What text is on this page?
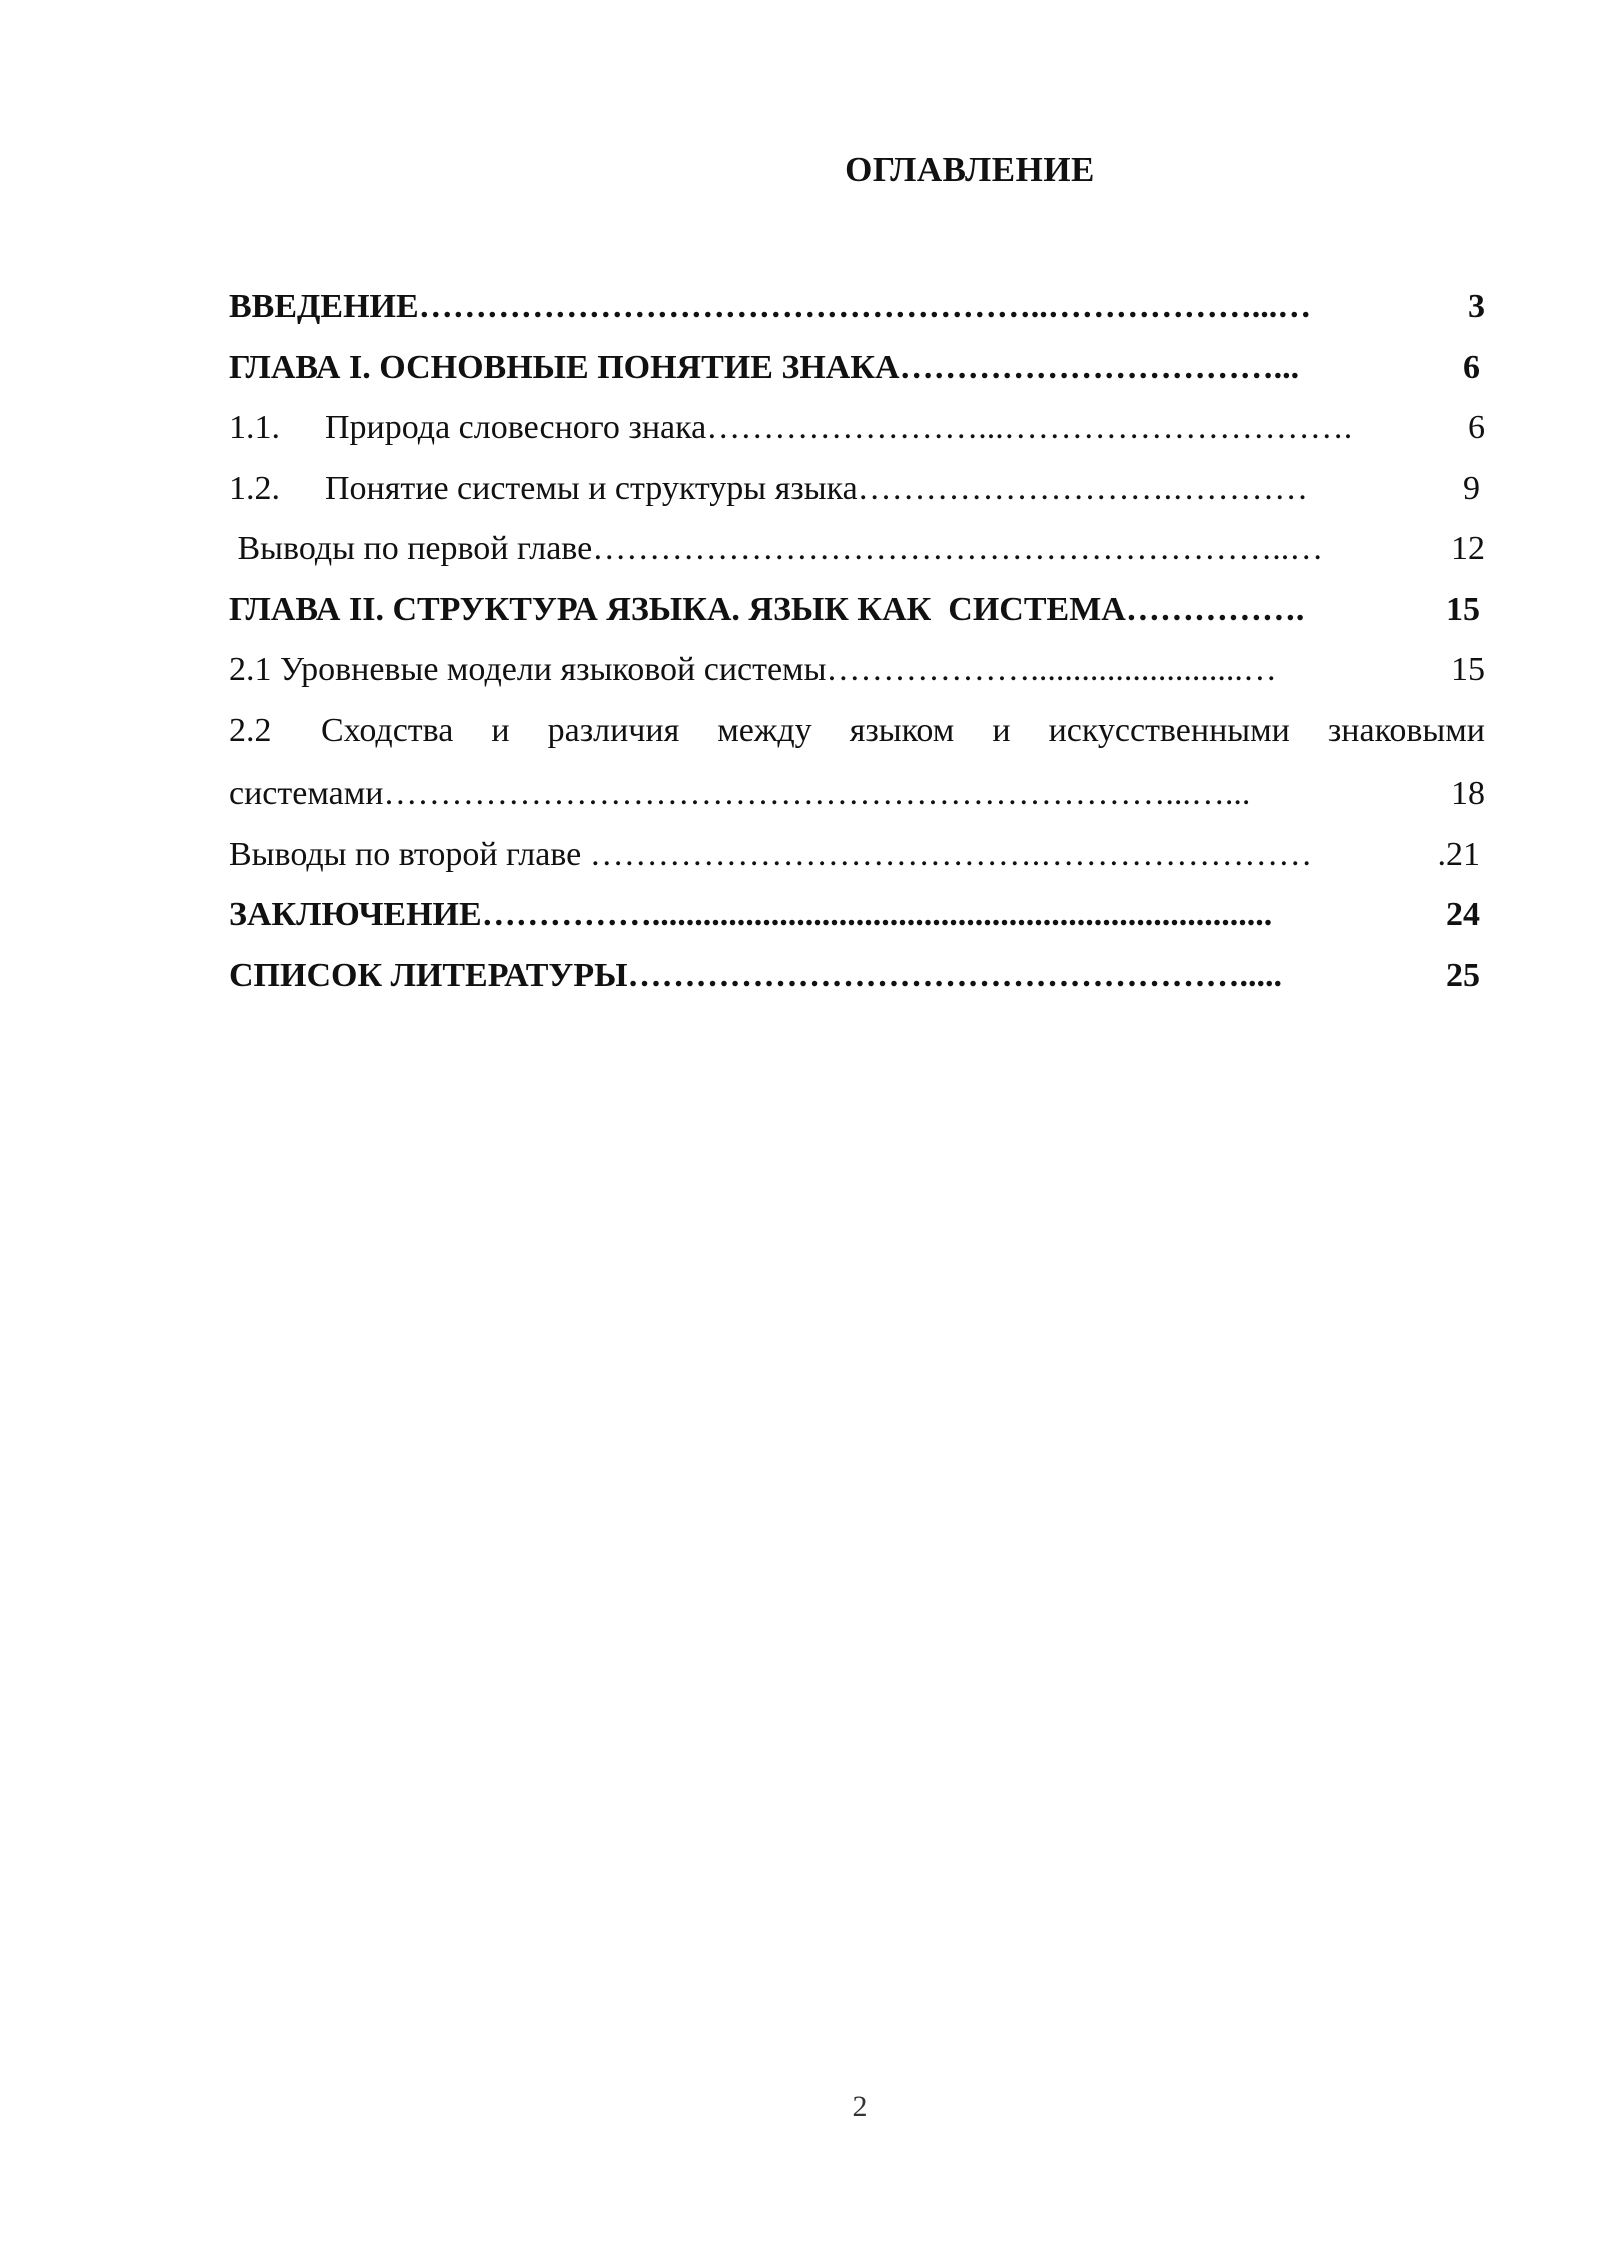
ОГЛАВЛЕНИЕ
ВВЕДЕНИЕ ………………………………………………..………………...…	3
ГЛАВА I. ОСНОВНЫЕ ПОНЯТИЕ ЗНАКА ……………………………...	6
1.1.	Природа словесного знака ……………………...………………………….	6
1.2.	Понятие системы и структуры языка ……………………….…………	9
Выводы по первой главе ……………………………………………………..…	12
ГЛАВА II. СТРУКТУРА ЯЗЫКА. ЯЗЫК КАК  СИСТЕМА …………….	15
2.1 Уровневые модели языковой системы ……………….........................…	15
2.2	Сходства и различия между языком и искусственными знаковыми
системами ……………………………………………………………...…...	18
Выводы по второй главе ………………………………….……………………	.21
ЗАКЛЮЧЕНИЕ …………….........................................................................	24
СПИСОК ЛИТЕРАТУРЫ ……………………………………………….....	25
2
